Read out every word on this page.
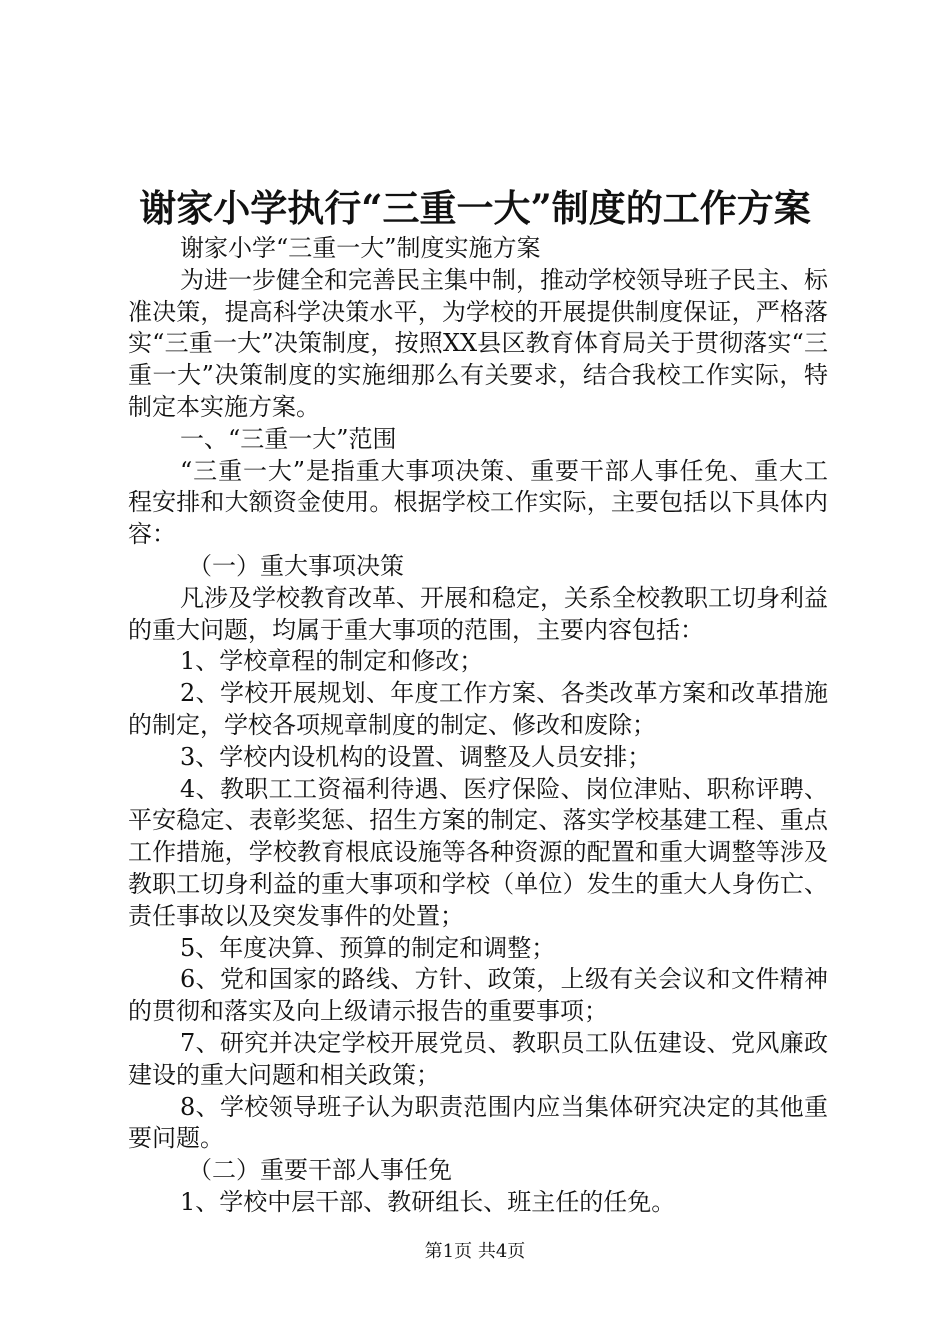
谢家小学执行“三重一大”制度的工作方案

谢家小学“三重一大”制度实施方案

为进一步健全和完善民主集中制，推动学校领导班子民主、标准决策，提高科学决策水平，为学校的开展提供制度保证，严格落实“三重一大”决策制度，按照XX县区教育体育局关于贯彻落实“三重一大”决策制度的实施细那么有关要求，结合我校工作实际，特制定本实施方案。

一、“三重一大”范围

“三重一大”是指重大事项决策、重要干部人事任免、重大工程安排和大额资金使用。根据学校工作实际，主要包括以下具体内容：

（一）重大事项决策

凡涉及学校教育改革、开展和稳定，关系全校教职工切身利益的重大问题，均属于重大事项的范围，主要内容包括：

1、学校章程的制定和修改；

2、学校开展规划、年度工作方案、各类改革方案和改革措施的制定，学校各项规章制度的制定、修改和废除；

3、学校内设机构的设置、调整及人员安排；

4、教职工工资福利待遇、医疗保险、岗位津贴、职称评聘、平安稳定、表彰奖惩、招生方案的制定、落实学校基建工程、重点工作措施，学校教育根底设施等各种资源的配置和重大调整等涉及教职工切身利益的重大事项和学校（单位）发生的重大人身伤亡、责任事故以及突发事件的处置；

5、年度决算、预算的制定和调整；

6、党和国家的路线、方针、政策，上级有关会议和文件精神的贯彻和落实及向上级请示报告的重要事项；

7、研究并决定学校开展党员、教职员工队伍建设、党风廉政建设的重大问题和相关政策；

8、学校领导班子认为职责范围内应当集体研究决定的其他重要问题。

（二）重要干部人事任免

1、学校中层干部、教研组长、班主任的任免。

第1页 共4页
